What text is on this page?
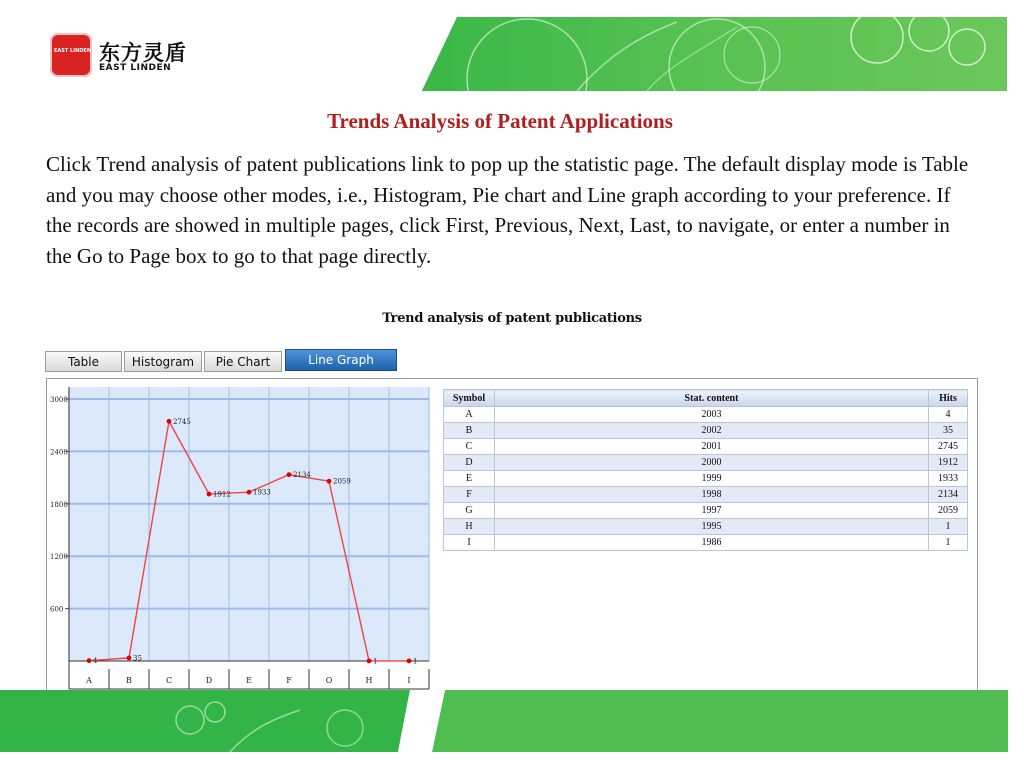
EAST LINDEN 东方灵盾
EAST LINDEN
Trends Analysis of Patent Applications
Click Trend analysis of patent publications link to pop up the statistic page. The default display mode is Table and you may choose other modes, i.e., Histogram, Pie chart and Line graph according to your preference. If the records are showed in multiple pages, click First, Previous, Next, Last, to navigate, or enter a number in the Go to Page box to go to that page directly.
Trend analysis of patent publications
Table	Histogram	Pie Chart	Line Graph
600
1200
1800
2400
3000
A	B	C	D	E	F	O	H	I
4	35
2745
1912	1933
2134
2059
1	1
Symbol	Stat. content	Hits
A	2003	4
B	2002	35
C	2001	2745
D	2000	1912
E	1999	1933
F	1998	2134
G	1997	2059
H	1995	1
I	1986	1
